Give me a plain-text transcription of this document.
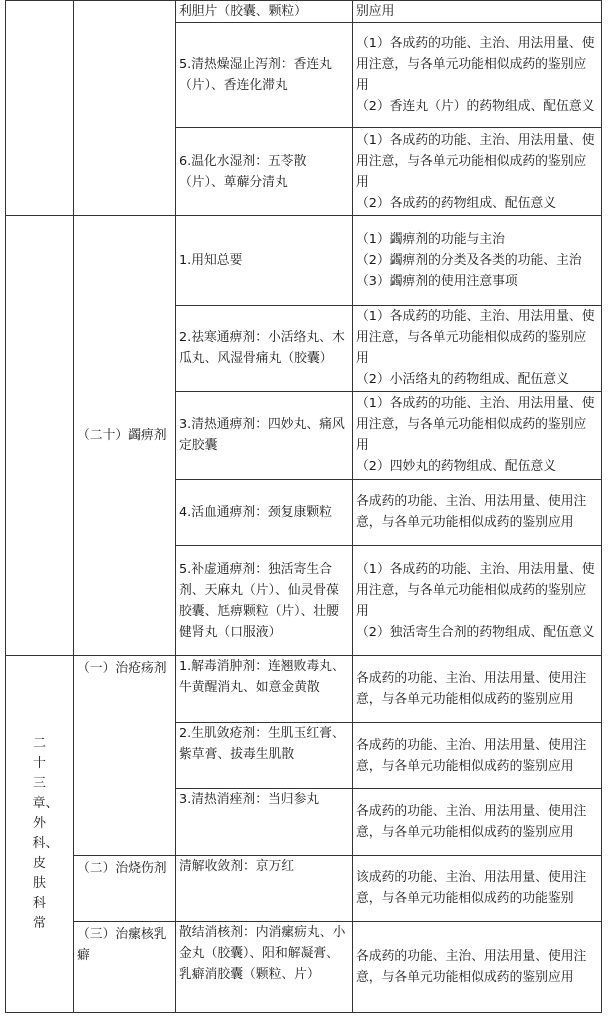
		利胆片（胶囊、颗粒）	别应用

		5.清热燥湿止泻剂：香连丸（片）、香连化滞丸	（1）各成药的功能、主治、用法用量、使用注意，与各单元功能相似成药的鉴别应用
（2）香连丸（片）的药物组成、配伍意义

		6.温化水湿剂：五苓散（片）、萆薢分清丸	（1）各成药的功能、主治、用法用量、使用注意，与各单元功能相似成药的鉴别应用
（2）各成药的药物组成、配伍意义

	（二十）蠲痹剂	1.用知总要	（1）蠲痹剂的功能与主治
（2）蠲痹剂的分类及各类的功能、主治
（3）蠲痹剂的使用注意事项

		2.祛寒通痹剂：小活络丸、木瓜丸、风湿骨痛丸（胶囊）	（1）各成药的功能、主治、用法用量、使用注意，与各单元功能相似成药的鉴别应用
（2）小活络丸的药物组成、配伍意义

		3.清热通痹剂：四妙丸、痛风定胶囊	（1）各成药的功能、主治、用法用量、使用注意，与各单元功能相似成药的鉴别应用
（2）四妙丸的药物组成、配伍意义

		4.活血通痹剂：颈复康颗粒	各成药的功能、主治、用法用量、使用注意，与各单元功能相似成药的鉴别应用

		5.补虚通痹剂：独活寄生合剂、天麻丸（片）、仙灵骨葆胶囊、尪痹颗粒（片）、壮腰健肾丸（口服液）	（1）各成药的功能、主治、用法用量、使用注意，与各单元功能相似成药的鉴别应用
（2）独活寄生合剂的药物组成、配伍意义

二十三章、外科、皮肤科常	（一）治疮疡剂	1.解毒消肿剂：连翘败毒丸、牛黄醒消丸、如意金黄散	各成药的功能、主治、用法用量、使用注意，与各单元功能相似成药的鉴别应用

		2.生肌敛疮剂：生肌玉红膏、紫草膏、拔毒生肌散	各成药的功能、主治、用法用量、使用注 意，与各单元功能相似成药的鉴别应用

		3.清热消痤剂：当归参丸	各成药的功能、主治、用法用量、使用注意，与各单元功能相似成药的鉴别应用

	（二）治烧伤剂	清解收敛剂：京万红	该成药的功能、主治、用法用量、使用注意，与各单元功能相似成药的功能鉴别

	（三）治瘰核乳癖	散结消核剂：内消瘰疬丸、小金丸（胶囊）、阳和解凝膏、乳癖消胶囊（颗粒、片）	各成药的功能、主治、用法用量、使用注意，与各单元功能相似成药的鉴别应用
